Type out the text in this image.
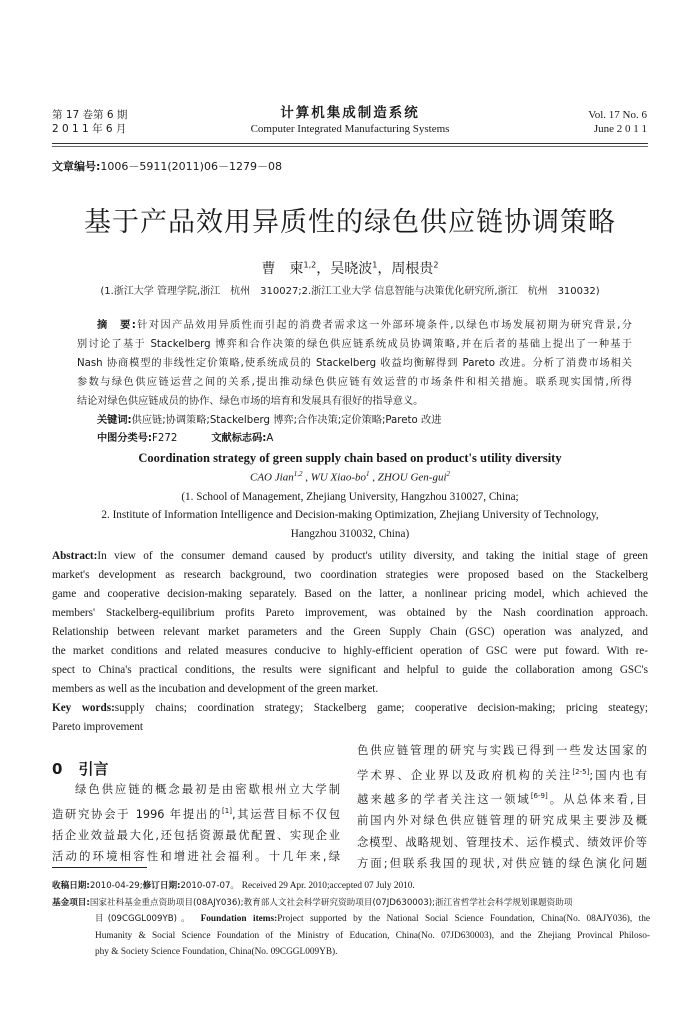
第 17 卷第 6 期
2 0 1 1 年 6 月
计算机集成制造系统
Computer Integrated Manufacturing Systems
Vol. 17 No. 6
June 2 0 1 1
文章编号:1006－5911(2011)06－1279－08
基于产品效用异质性的绿色供应链协调策略
曹　柬$^{1,2}$，吴晓波$^1$，周根贵$^2$
(1.浙江大学 管理学院,浙江　杭州　310027;2.浙江工业大学 信息智能与决策优化研究所,浙江　杭州　310032)
摘　要:针对因产品效用异质性而引起的消费者需求这一外部环境条件,以绿色市场发展初期为研究背景,分
别讨论了基于 Stackelberg 博弈和合作决策的绿色供应链系统成员协调策略,并在后者的基础上提出了一种基于
Nash 协商模型的非线性定价策略,使系统成员的 Stackelberg 收益均衡解得到 Pareto 改进。分析了消费市场相关
参数与绿色供应链运营之间的关系,提出推动绿色供应链有效运营的市场条件和相关措施。联系现实国情,所得
结论对绿色供应链成员的协作、绿色市场的培育和发展具有很好的指导意义。
关键词:供应链;协调策略;Stackelberg 博弈;合作决策;定价策略;Pareto 改进
中图分类号:F272	文献标志码:A
Coordination strategy of green supply chain based on product's utility diversity
CAO Jian$^{1,2}$ , WU Xiao-$bo^1$ , ZHOU Gen-gui$^2$
(1. School of Management, Zhejiang University, Hangzhou 310027, China;
2. Institute of Information Intelligence and Decision-making Optimization, Zhejiang University of Technology,
Hangzhou 310032, China)
Abstract:In view of the consumer demand caused by product's utility diversity, and taking the initial stage of green
market's development as research background, two coordination strategies were proposed based on the Stackelberg
game and cooperative decision-making separately. Based on the latter, a nonlinear pricing model, which achieved the
members' Stackelberg-equilibrium profits Pareto improvement, was obtained by the Nash coordination approach.
Relationship between relevant market parameters and the Green Supply Chain (GSC) operation was analyzed, and
the market conditions and related measures conducive to highly-efficient operation of GSC were put foward. With re-
spect to China's practical conditions, the results were significant and helpful to guide the collaboration among GSC's
members as well as the incubation and development of the green market.
Key words:supply chains; coordination strategy; Stackelberg game; cooperative decision-making; pricing steategy;
Pareto improvement
0 引言
绿色供应链的概念最初是由密歇根州立大学制
造研究协会于 1996 年提出的[1],其运营目标不仅包
括企业效益最大化,还包括资源最优配置、实现企业
活动的环境相容性和增进社会福利。十几年来,绿
色供应链管理的研究与实践已得到一些发达国家的
学术界、企业界以及政府机构的关注[2-5];国内也有
越来越多的学者关注这一领域[6-9]。从总体来看,目
前国内外对绿色供应链管理的研究成果主要涉及概
念模型、战略规划、管理技术、运作模式、绩效评价等
方面;但联系我国的现状,对供应链的绿色演化问题
收稿日期:2010-04-29;修订日期:2010-07-07。 Received 29 Apr. 2010;accepted 07 July 2010.
基金项目:国家社科基金重点资助项目(08AJY036);教育部人文社会科学研究资助项目(07JD630003);浙江省哲学社会科学规划课题资助项
目(09CGGL009YB)。 Foundation items:Project supported by the National Social Science Foundation, China(No. 08AJY036), the
Humanity & Social Science Foundation of the Ministry of Education, China(No. 07JD630003), and the Zhejiang Provincal Philoso-
phy & Society Science Foundation, China(No. 09CGGL009YB).
